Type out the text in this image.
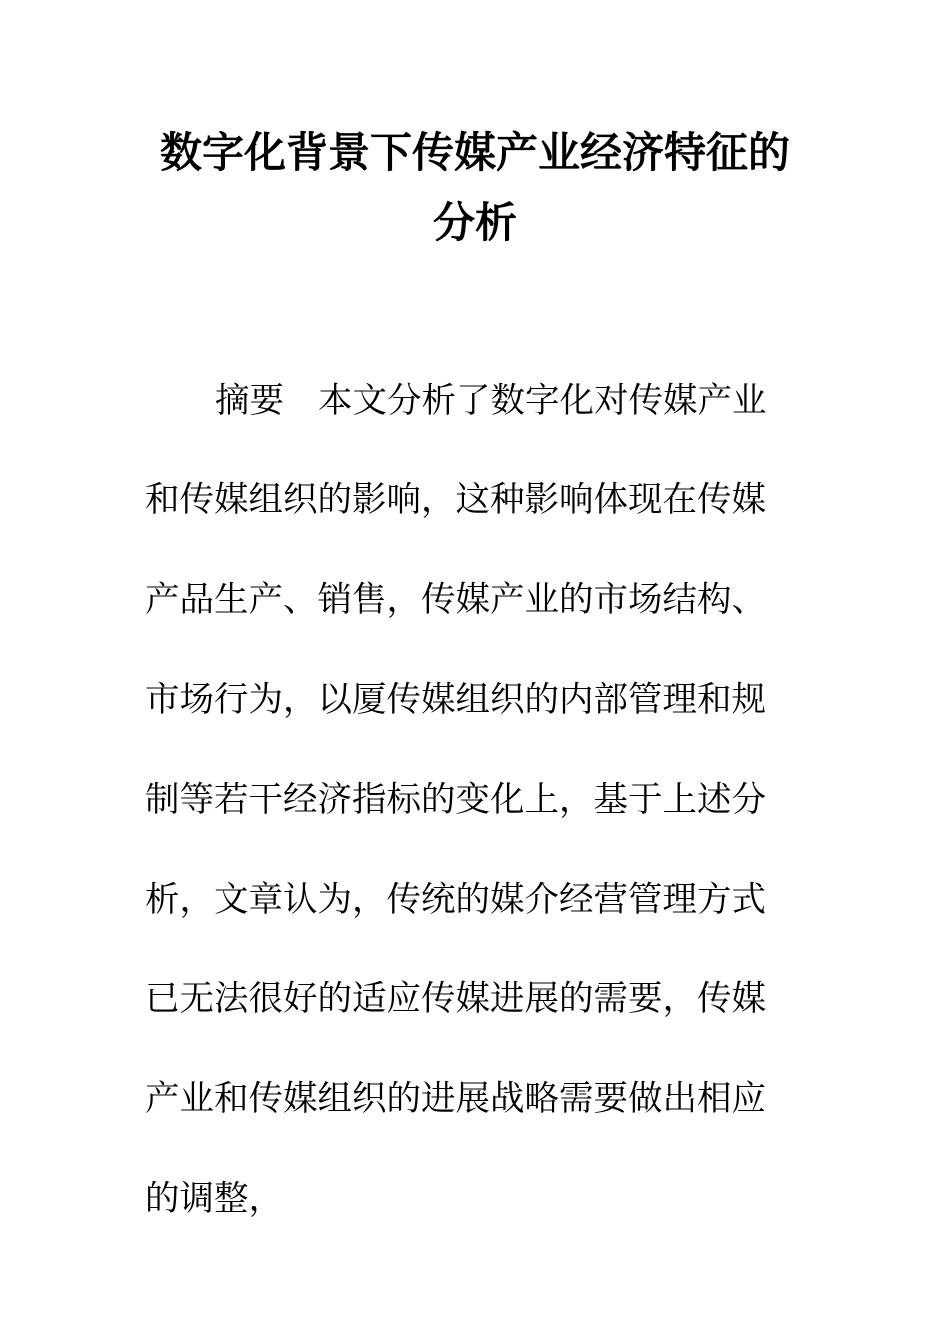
数字化背景下传媒产业经济特征的
分析
摘要 本文分析了数字化对传媒产业
和传媒组织的影响，这种影响体现在传媒
产品生产、销售，传媒产业的市场结构、
市场行为，以厦传媒组织的内部管理和规
制等若干经济指标的变化上，基于上述分
析，文章认为，传统的媒介经营管理方式
已无法很好的适应传媒进展的需要，传媒
产业和传媒组织的进展战略需要做出相应
的调整，
